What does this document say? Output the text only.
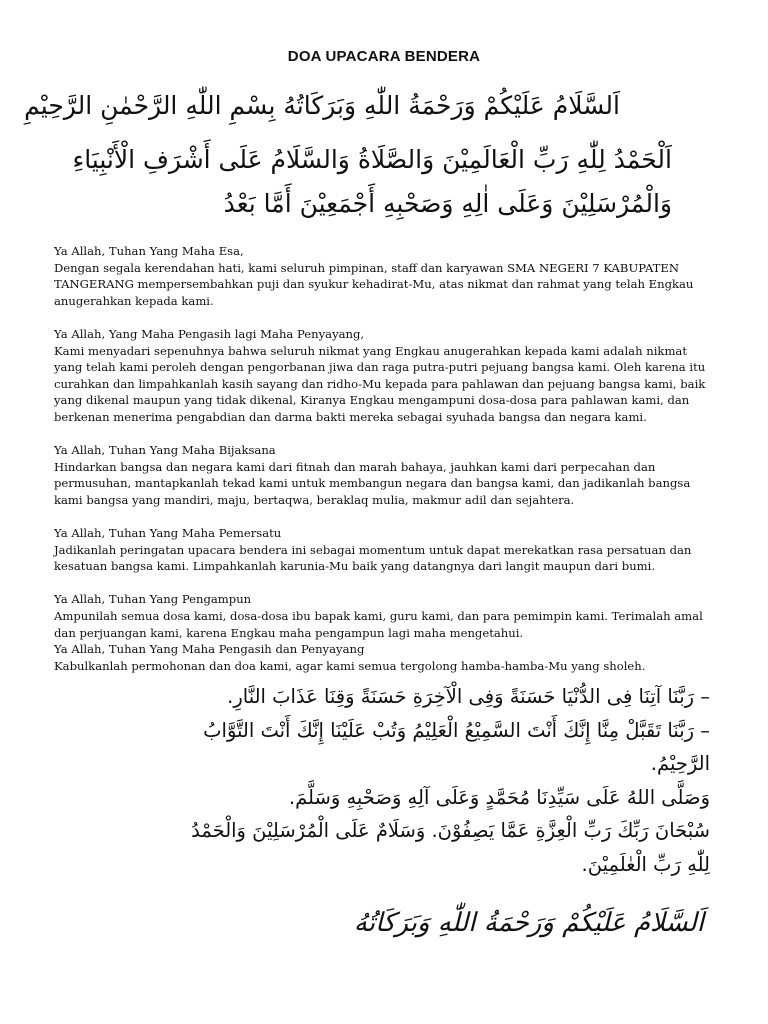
DOA UPACARA BENDERA
اَلسَّلَامُ عَلَيْكُمْ وَرَحْمَةُ اللّٰهِ وَبَرَكَاتُهُ بِسْمِ اللّٰهِ الرَّحْمٰنِ الرَّحِيْمِ
اَلْحَمْدُ لِلّٰهِ رَبِّ الْعَالَمِيْنَ وَالصَّلَاةُ وَالسَّلَامُ عَلَى أَشْرَفِ الْأَنْبِيَاءِ وَالْمُرْسَلِيْنَ وَعَلَى اٰلِهِ وَصَحْبِهِ أَجْمَعِيْنَ أَمَّا بَعْدُ
Ya Allah, Tuhan Yang Maha Esa,
Dengan segala kerendahan hati, kami seluruh pimpinan, staff dan karyawan SMA NEGERI 7 KABUPATEN TANGERANG mempersembahkan puji dan syukur kehadirat-Mu, atas nikmat dan rahmat yang telah Engkau anugerahkan kepada kami.
Ya Allah, Yang Maha Pengasih lagi Maha Penyayang,
Kami menyadari sepenuhnya bahwa seluruh nikmat yang Engkau anugerahkan kepada kami adalah nikmat yang telah kami peroleh dengan pengorbanan jiwa dan raga putra-putri pejuang bangsa kami. Oleh karena itu curahkan dan limpahkanlah kasih sayang dan ridho-Mu kepada para pahlawan dan pejuang bangsa kami, baik yang dikenal maupun yang tidak dikenal, Kiranya Engkau mengampuni dosa-dosa para pahlawan kami, dan berkenan menerima pengabdian dan darma bakti mereka sebagai syuhada bangsa dan negara kami.
Ya Allah, Tuhan Yang Maha Bijaksana
Hindarkan bangsa dan negara kami dari fitnah dan marah bahaya, jauhkan kami dari perpecahan dan permusuhan, mantapkanlah tekad kami untuk membangun negara dan bangsa kami, dan jadikanlah bangsa kami bangsa yang mandiri, maju, bertaqwa, beraklaq mulia, makmur adil dan sejahtera.
Ya Allah, Tuhan Yang Maha Pemersatu
Jadikanlah peringatan upacara bendera ini sebagai momentum untuk dapat merekatkan rasa persatuan dan kesatuan bangsa kami. Limpahkanlah karunia-Mu baik yang datangnya dari langit maupun dari bumi.
Ya Allah, Tuhan Yang Pengampun
Ampunilah semua dosa kami, dosa-dosa ibu bapak kami, guru kami, dan para pemimpin kami. Terimalah amal dan perjuangan kami, karena Engkau maha pengampun lagi maha mengetahui.
Ya Allah, Tuhan Yang Maha Pengasih dan Penyayang
Kabulkanlah permohonan dan doa kami, agar kami semua tergolong hamba-hamba-Mu yang sholeh.
– رَبَّنَا آتِنَا فِى الدُّنْيَا حَسَنَةً وَفِى الْآخِرَةِ حَسَنَةً وَقِنَا عَذَابَ النَّارِ.
– رَبَّنَا تَقَبَّلْ مِنَّا إِنَّكَ أَنْتَ السَّمِيْعُ الْعَلِيْمُ وَتُبْ عَلَيْنَا إِنَّكَ أَنْتَ التَّوَّابُ
الرَّحِيْمُ.
وَصَلَّى اللهُ عَلَى سَيِّدِنَا مُحَمَّدٍ وَعَلَى آلِهِ وَصَحْبِهِ وَسَلَّمَ.
سُبْحَانَ رَبِّكَ رَبِّ الْعِزَّةِ عَمَّا يَصِفُوْنَ. وَسَلَامٌ عَلَى الْمُرْسَلِيْنَ وَالْحَمْدُ
لِلّٰهِ رَبِّ الْعٰلَمِيْنَ.
اَلسَّلَامُ عَلَيْكُمْ وَرَحْمَةُ اللّٰهِ وَبَرَكَاتُهُ
